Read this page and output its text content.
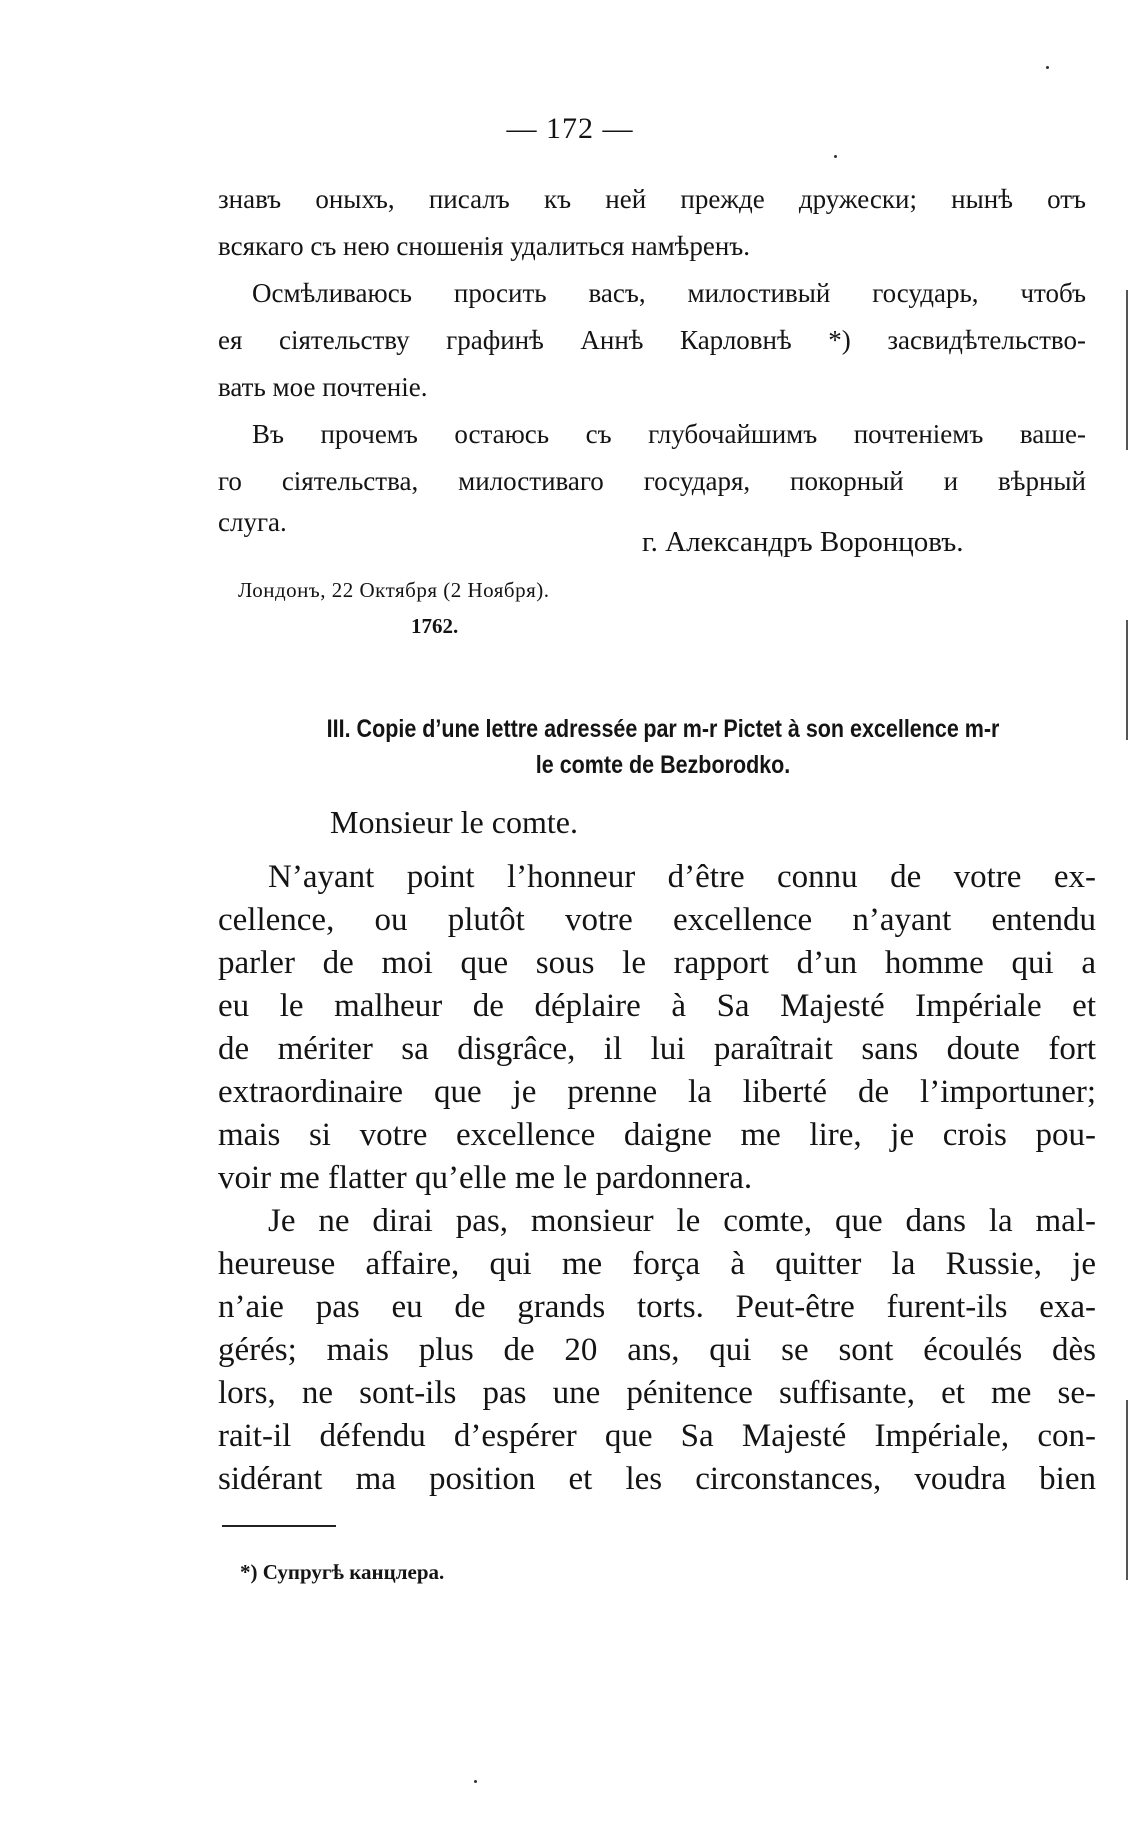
— 172 —
знавъ оныхъ, писалъ къ ней прежде дружески; нынѣ отъ
всякаго съ нею сношенія удалиться намѣренъ.
Осмѣливаюсь просить васъ, милостивый государь, чтобъ
ея сіятельству графинѣ Аннѣ Карловнѣ *) засвидѣтельство-
вать мое почтеніе.
Въ прочемъ остаюсь съ глубочайшимъ почтеніемъ ваше-
го сіятельства, милостиваго государя, покорный и вѣрный
слуга.
г. Александръ Воронцовъ.
Лондонъ, 22 Октября (2 Ноября).
1762.
III. Copie d’une lettre adressée par m-r Pictet à son excellence m-r
le comte de Bezborodko.
Monsieur le comte.
N’ayant point l’honneur d’être connu de votre ex-
cellence, ou plutôt votre excellence n’ayant entendu
parler de moi que sous le rapport d’un homme qui a
eu le malheur de déplaire à Sa Majesté Impériale et
de mériter sa disgrâce, il lui paraîtrait sans doute fort
extraordinaire que je prenne la liberté de l’importuner;
mais si votre excellence daigne me lire, je crois pou-
voir me flatter qu’elle me le pardonnera.
Je ne dirai pas, monsieur le comte, que dans la mal-
heureuse affaire, qui me força à quitter la Russie, je
n’aie pas eu de grands torts. Peut-être furent-ils exa-
gérés; mais plus de 20 ans, qui se sont écoulés dès
lors, ne sont-ils pas une pénitence suffisante, et me se-
rait-il défendu d’espérer que Sa Majesté Impériale, con-
sidérant ma position et les circonstances, voudra bien
*) Супругѣ канцлера.
